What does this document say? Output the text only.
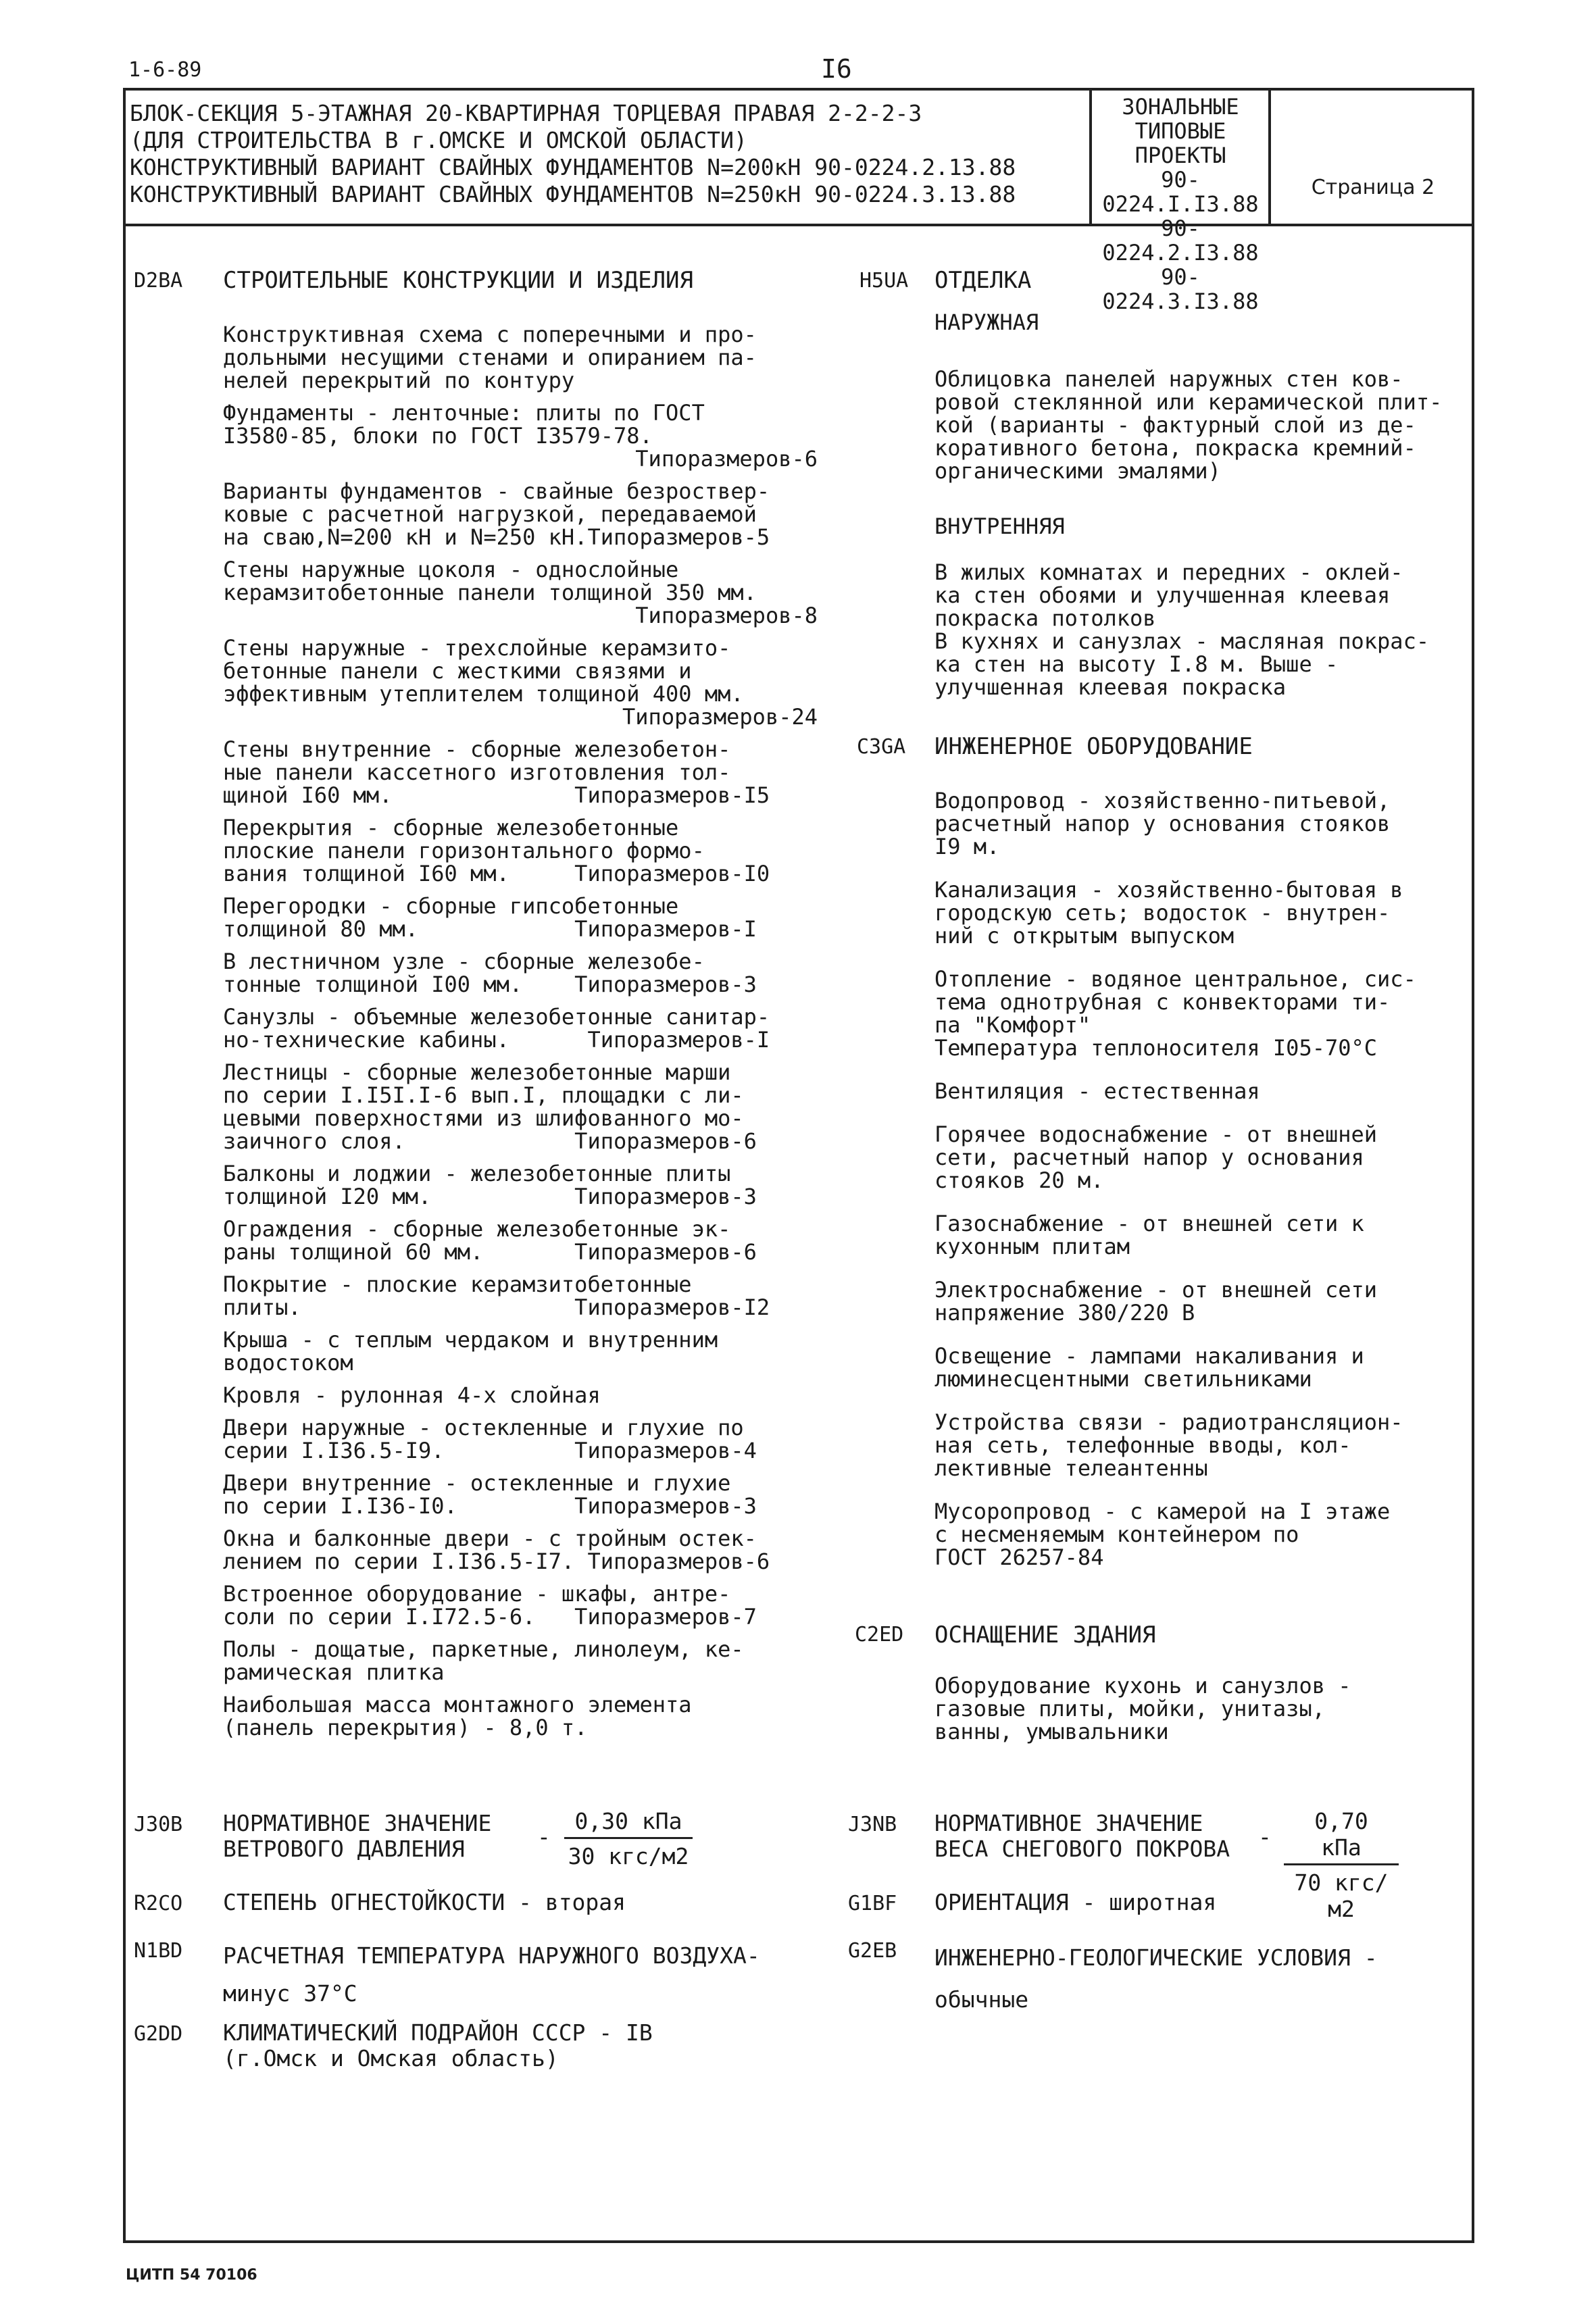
1-6-89	I6
БЛОК-СЕКЦИЯ 5-ЭТАЖНАЯ 20-КВАРТИРНАЯ ТОРЦЕВАЯ ПРАВАЯ 2-2-2-3
(ДЛЯ СТРОИТЕЛЬСТВА В г.ОМСКЕ И ОМСКОЙ ОБЛАСТИ)
КОНСТРУКТИВНЫЙ ВАРИАНТ СВАЙНЫХ ФУНДАМЕНТОВ N=200кН 90-0224.2.13.88
КОНСТРУКТИВНЫЙ ВАРИАНТ СВАЙНЫХ ФУНДАМЕНТОВ N=250кН 90-0224.3.13.88
ЗОНАЛЬНЫЕ
ТИПОВЫЕ ПРОЕКТЫ
90-0224.I.I3.88
90-0224.2.I3.88
90-0224.3.I3.88
Страница 2
D2BA СТРОИТЕЛЬНЫЕ КОНСТРУКЦИИ И ИЗДЕЛИЯ
Конструктивная схема с поперечными и про-
дольными несущими стенами и опиранием па-
нелей перекрытий по контуру
Фундаменты - ленточные: плиты по ГОСТ
I3580-85, блоки по ГОСТ I3579-78.
Типоразмеров-6
Варианты фундаментов - свайные безроствер-
ковые с расчетной нагрузкой, передаваемой
на сваю,N=200 кН и N=250 кН.Типоразмеров-5
Стены наружные цоколя - однослойные
керамзитобетонные панели толщиной 350 мм.
Типоразмеров-8
Стены наружные - трехслойные керамзито-
бетонные панели с жесткими связями и
эффективным утеплителем толщиной 400 мм.
Типоразмеров-24
Стены внутренние - сборные железобетон-
ные панели кассетного изготовления тол-
щиной I60 мм.              Типоразмеров-I5
Перекрытия - сборные железобетонные
плоские панели горизонтального формо-
вания толщиной I60 мм.     Типоразмеров-I0
Перегородки - сборные гипсобетонные
толщиной 80 мм.            Типоразмеров-I
В лестничном узле - сборные железобе-
тонные толщиной I00 мм.    Типоразмеров-3
Санузлы - объемные железобетонные санитар-
но-технические кабины.      Типоразмеров-I
Лестницы - сборные железобетонные марши
по серии I.I5I.I-6 вып.I, площадки с ли-
цевыми поверхностями из шлифованного мо-
заичного слоя.             Типоразмеров-6
Балконы и лоджии - железобетонные плиты
толщиной I20 мм.           Типоразмеров-3
Ограждения - сборные железобетонные эк-
раны толщиной 60 мм.       Типоразмеров-6
Покрытие - плоские керамзитобетонные
плиты.                     Типоразмеров-I2
Крыша - с теплым чердаком и внутренним
водостоком
Кровля - рулонная 4-х слойная
Двери наружные - остекленные и глухие по
серии I.I36.5-I9.          Типоразмеров-4
Двери внутренние - остекленные и глухие
по серии I.I36-I0.         Типоразмеров-3
Окна и балконные двери - с тройным остек-
лением по серии I.I36.5-I7. Типоразмеров-6
Встроенное оборудование - шкафы, антре-
соли по серии I.I72.5-6.   Типоразмеров-7
Полы - дощатые, паркетные, линолеум, ке-
рамическая плитка
Наибольшая масса монтажного элемента
(панель перекрытия) - 8,0 т.
H5UA ОТДЕЛКА
НАРУЖНАЯ
Облицовка панелей наружных стен ков-
ровой стеклянной или керамической плит-
кой (варианты - фактурный слой из де-
коративного бетона, покраска кремний-
органическими эмалями)
ВНУТРЕННЯЯ
В жилых комнатах и передних - оклей-
ка стен обоями и улучшенная клеевая
покраска потолков
В кухнях и санузлах - масляная покрас-
ка стен на высоту I.8 м. Выше -
улучшенная клеевая покраска
C3GA ИНЖЕНЕРНОЕ ОБОРУДОВАНИЕ
Водопровод - хозяйственно-питьевой,
расчетный напор у основания стояков
I9 м.
Канализация - хозяйственно-бытовая в
городскую сеть; водосток - внутрен-
ний с открытым выпуском
Отопление - водяное центральное, сис-
тема однотрубная с конвекторами ти-
па "Комфорт"
Температура теплоносителя I05-70°C
Вентиляция - естественная
Горячее водоснабжение - от внешней
сети, расчетный напор у основания
стояков 20 м.
Газоснабжение - от внешней сети к
кухонным плитам
Электроснабжение - от внешней сети
напряжение 380/220 В
Освещение - лампами накаливания и
люминесцентными светильниками
Устройства связи - радиотрансляцион-
ная сеть, телефонные вводы, кол-
лективные телеантенны
Мусоропровод - с камерой на I этаже
с несменяемым контейнером по
ГОСТ 26257-84
C2ED ОСНАЩЕНИЕ ЗДАНИЯ
Оборудование кухонь и санузлов -
газовые плиты, мойки, унитазы,
ванны, умывальники
J30B НОРМАТИВНОЕ ЗНАЧЕНИЕ
ВЕТРОВОГО ДАВЛЕНИЯ	-
0,30 кПа
30 кгс/м2
J3NB НОРМАТИВНОЕ ЗНАЧЕНИЕ
ВЕСА СНЕГОВОГО ПОКРОВА -
0,70 кПа
70 кгс/м2
R2CO СТЕПЕНЬ ОГНЕСТОЙКОСТИ - вторая	G1BF ОРИЕНТАЦИЯ - широтная
N1BD РАСЧЕТНАЯ ТЕМПЕРАТУРА НАРУЖНОГО ВОЗДУХА-
минус 37°C
G2EB ИНЖЕНЕРНО-ГЕОЛОГИЧЕСКИЕ УСЛОВИЯ -
обычные
G2DD КЛИМАТИЧЕСКИЙ ПОДРАЙОН СССР - IB
(г.Омск и Омская область)
ЦИТП 54 70106
